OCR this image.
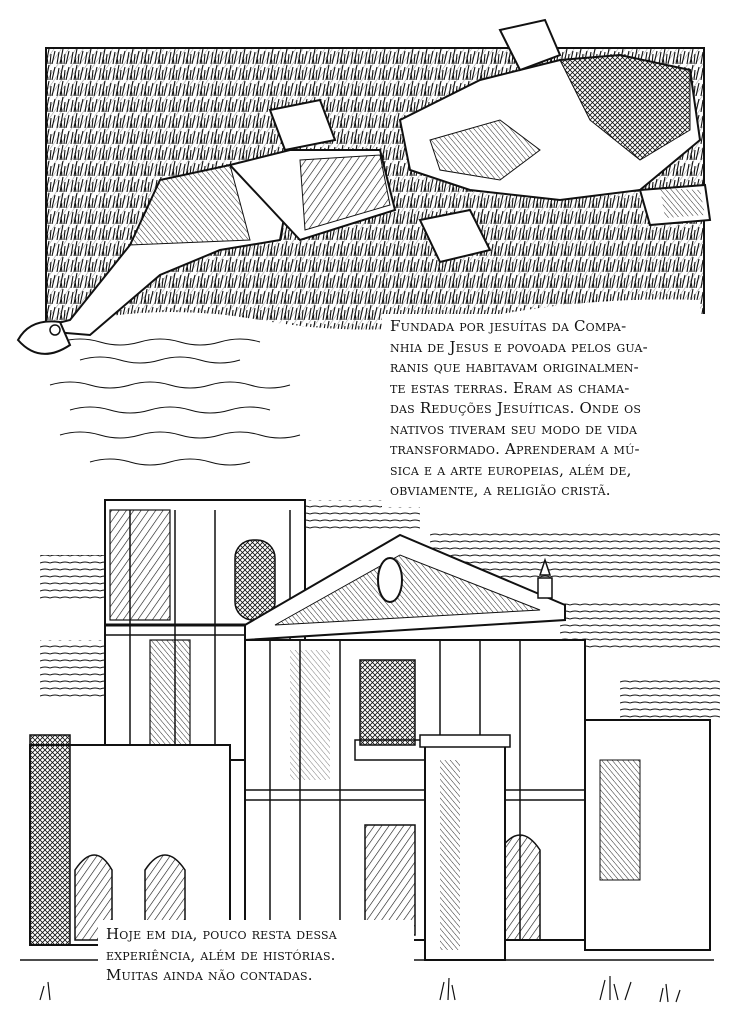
Fundada por jesuítas da Compa-

nhia de Jesus e povoada pelos gua-

ranis que habitavam originalmen-

te estas terras. Eram as chama-

das Reduções Jesuíticas. Onde os

nativos tiveram seu modo de vida

transformado. Aprenderam a mú-

sica e a arte europeias, além de,

obviamente, a religião cristã.

Hoje em dia, pouco resta dessa

experiência, além de histórias.

Muitas ainda não contadas.
